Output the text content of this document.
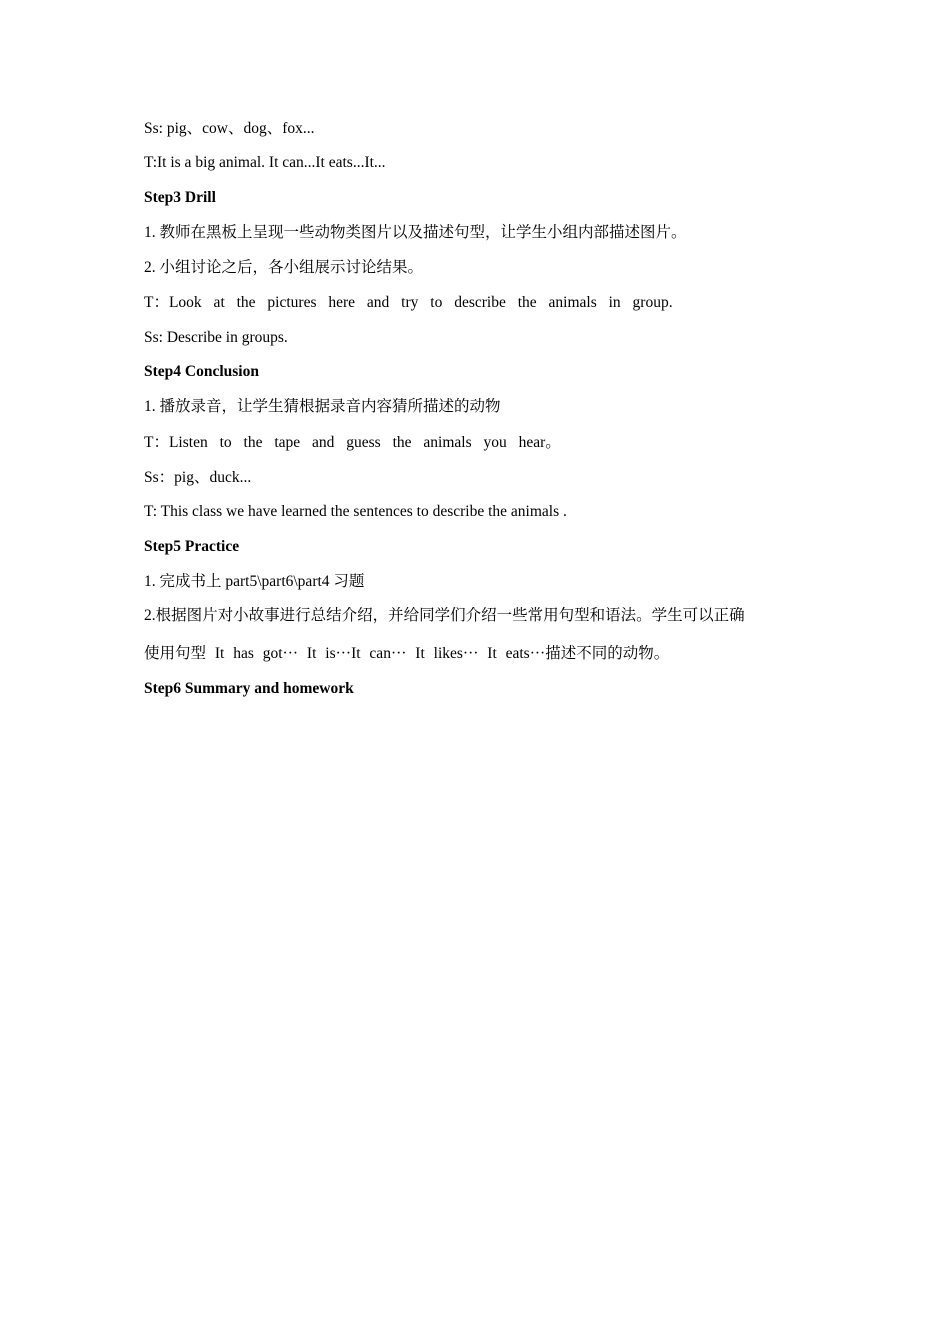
Ss: pig、cow、dog、fox...
T:It is a big animal. It can...It eats...It...
Step3 Drill
1. 教师在黑板上呈现一些动物类图片以及描述句型，让学生小组内部描述图片。
2. 小组讨论之后，各小组展示讨论结果。
T：Look at the pictures here and try to describe the animals in group.
Ss: Describe in groups.
Step4 Conclusion
1. 播放录音，让学生猜根据录音内容猜所描述的动物
T：Listen to the tape and guess the animals you hear。
Ss：pig、duck...
T: This class we have learned the sentences to describe the animals .
Step5 Practice
1. 完成书上 part5\part6\part4 习题
2.根据图片对小故事进行总结介绍，并给同学们介绍一些常用句型和语法。学生可以正确
使用句型 It has got··· It is···It can··· It likes··· It eats···描述不同的动物。
Step6 Summary and homework
